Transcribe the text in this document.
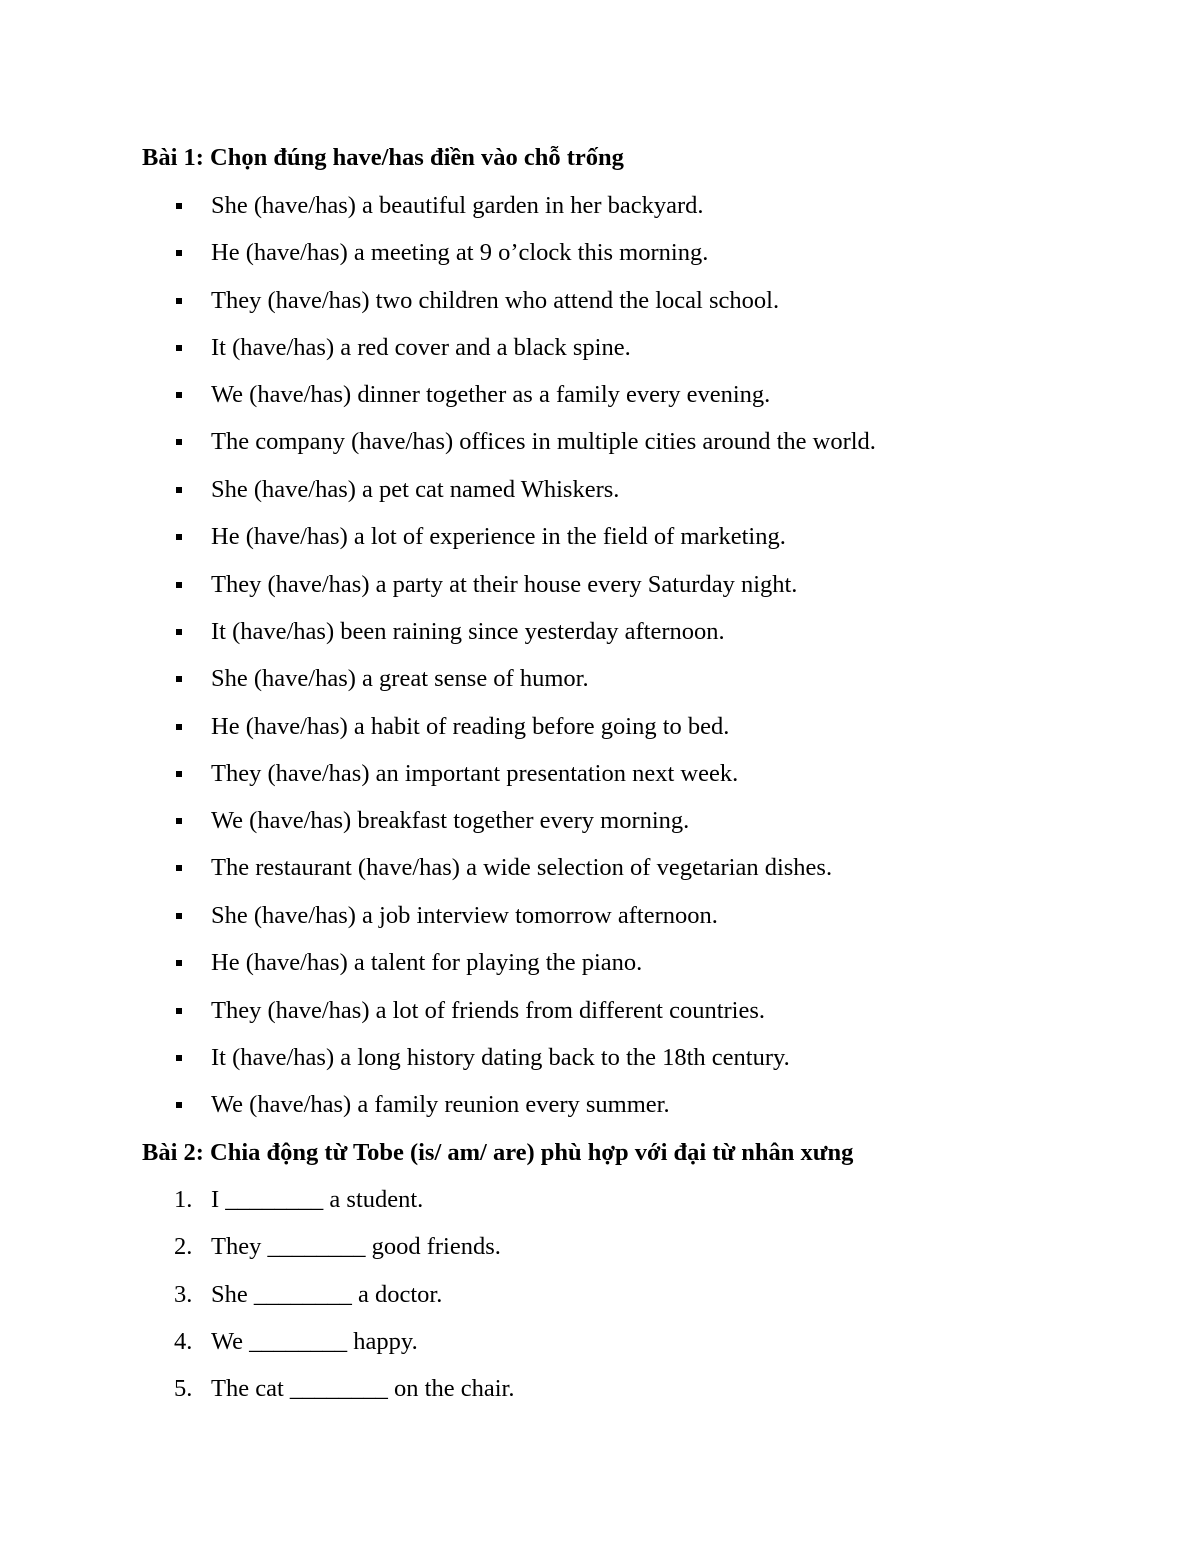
Bài 1: Chọn đúng have/has điền vào chỗ trống
She (have/has) a beautiful garden in her backyard.
He (have/has) a meeting at 9 o’clock this morning.
They (have/has) two children who attend the local school.
It (have/has) a red cover and a black spine.
We (have/has) dinner together as a family every evening.
The company (have/has) offices in multiple cities around the world.
She (have/has) a pet cat named Whiskers.
He (have/has) a lot of experience in the field of marketing.
They (have/has) a party at their house every Saturday night.
It (have/has) been raining since yesterday afternoon.
She (have/has) a great sense of humor.
He (have/has) a habit of reading before going to bed.
They (have/has) an important presentation next week.
We (have/has) breakfast together every morning.
The restaurant (have/has) a wide selection of vegetarian dishes.
She (have/has) a job interview tomorrow afternoon.
He (have/has) a talent for playing the piano.
They (have/has) a lot of friends from different countries.
It (have/has) a long history dating back to the 18th century.
We (have/has) a family reunion every summer.
Bài 2: Chia động từ Tobe (is/ am/ are) phù hợp với đại từ nhân xưng
1. I ________ a student.
2. They ________ good friends.
3. She ________ a doctor.
4. We ________ happy.
5. The cat ________ on the chair.
